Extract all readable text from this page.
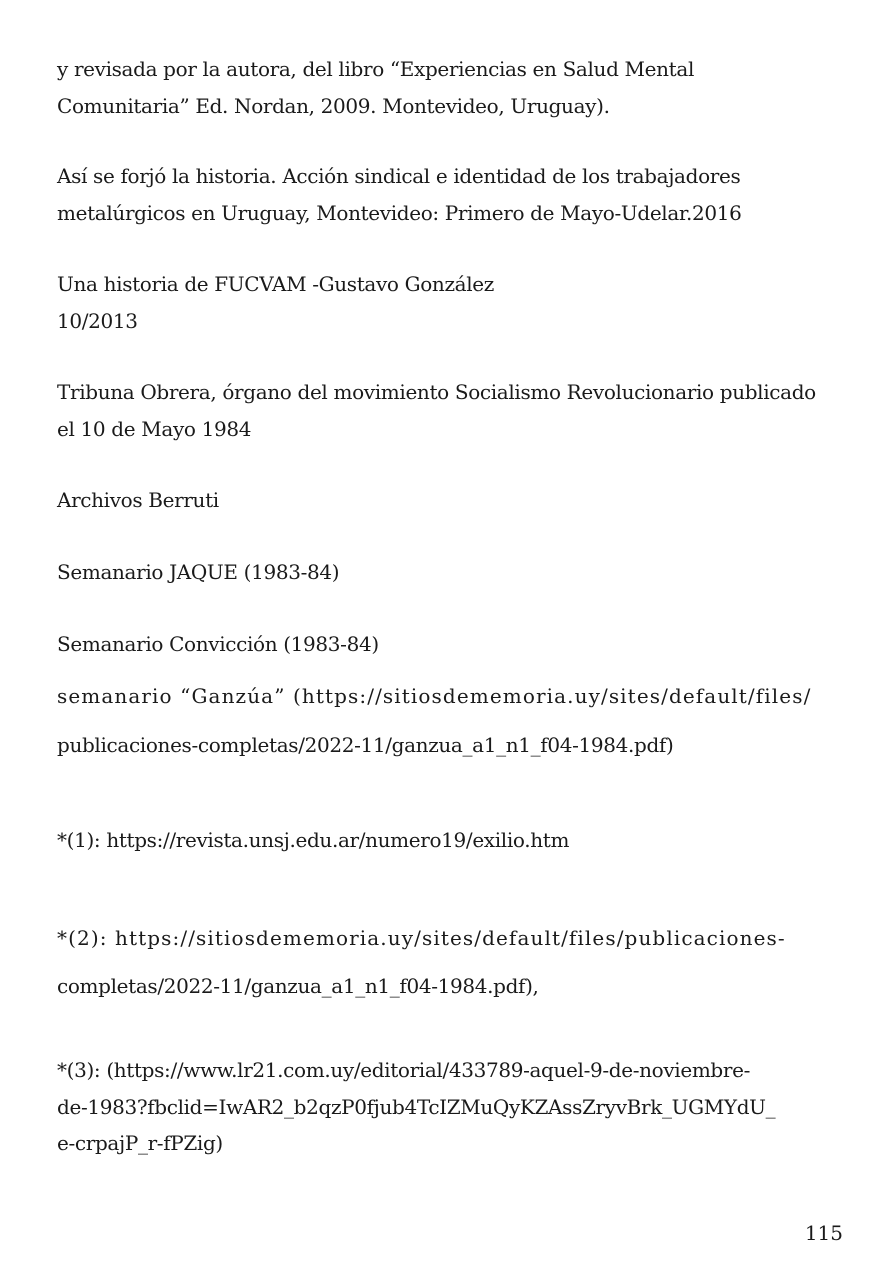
y revisada por la autora, del libro “Experiencias en Salud Mental

Comunitaria” Ed. Nordan, 2009. Montevideo, Uruguay).

Así se forjó la historia. Acción sindical e identidad de los trabajadores

metalúrgicos en Uruguay, Montevideo: Primero de Mayo-Udelar.2016

Una historia de FUCVAM -Gustavo González

10/2013

Tribuna Obrera, órgano del movimiento Socialismo Revolucionario publicado

el 10 de Mayo 1984

Archivos Berruti

Semanario JAQUE (1983-84)

Semanario Convicción (1983-84)

semanario “Ganzúa” (https://sitiosdememoria.uy/sites/default/files/

publicaciones-completas/2022-11/ganzua_a1_n1_f04-1984.pdf)

*(1): https://revista.unsj.edu.ar/numero19/exilio.htm

*(2): https://sitiosdememoria.uy/sites/default/files/publicaciones-

completas/2022-11/ganzua_a1_n1_f04-1984.pdf),

*(3): (https://www.lr21.com.uy/editorial/433789-aquel-9-de-noviembre-

de-1983?fbclid=IwAR2_b2qzP0fjub4TcIZMuQyKZAssZryvBrk_UGMYdU_

e-crpajP_r-fPZig)

115
